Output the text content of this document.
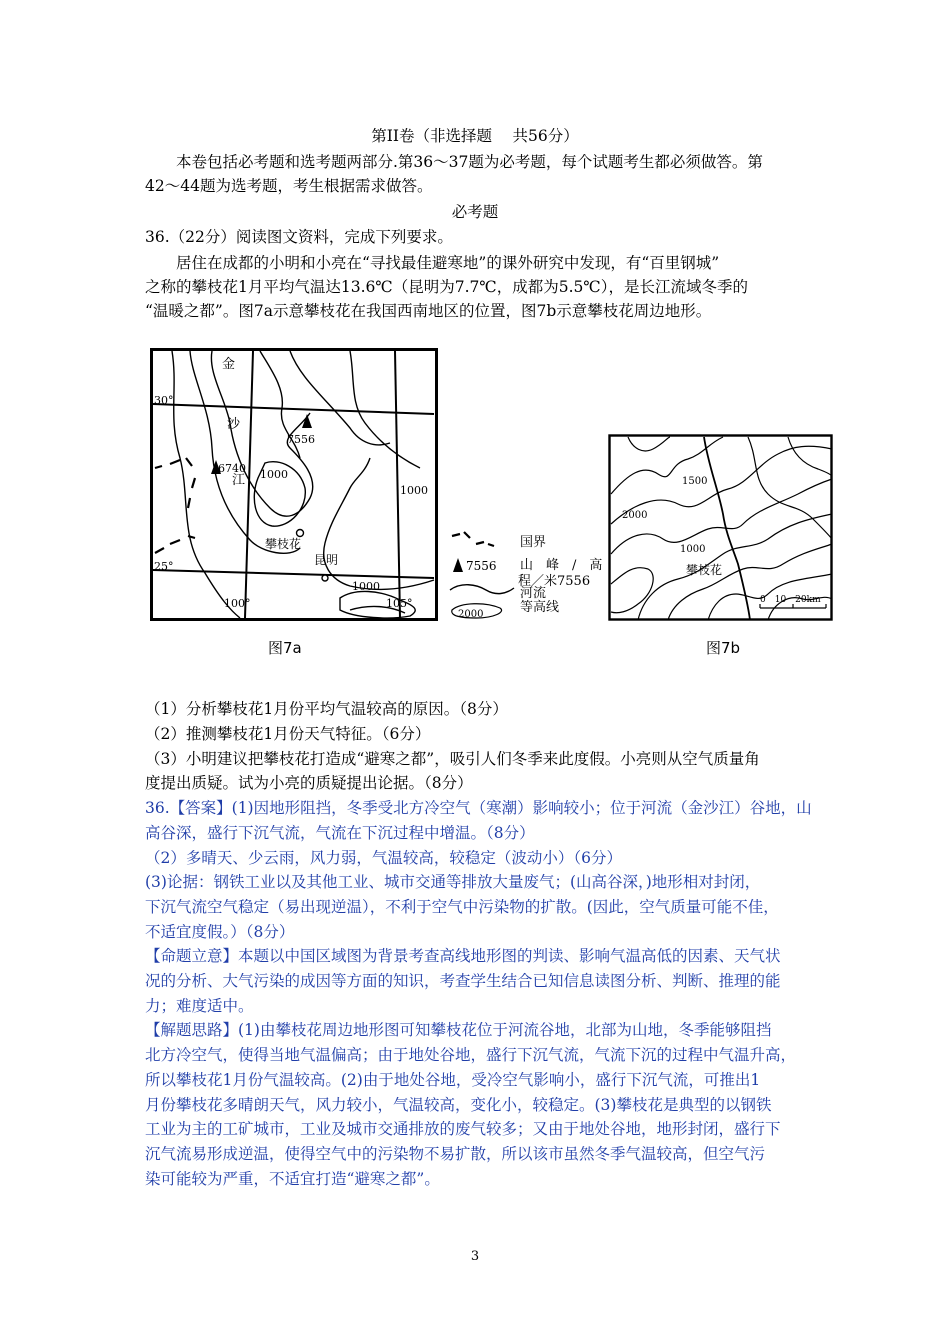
第II卷（非选择题　 共56分）
本卷包括必考题和选考题两部分.第36～37题为必考题，每个试题考生都必须做答。第
42～44题为选考题，考生根据需求做答。
必考题
36.（22分）阅读图文资料，完成下列要求。
居住在成都的小明和小亮在“寻找最佳避寒地”的课外研究中发现，有“百里钢城”
之称的攀枝花1月平均气温达13.6℃（昆明为7.7℃，成都为5.5℃），是长江流域冬季的
“温暖之都”。图7a示意攀枝花在我国西南地区的位置，图7b示意攀枝花周边地形。
金
沙
江
30°
25°
100°	105°
7556
6740 1000
1000
1000
攀枝花
昆明	7556
2000
国界
山　峰　/　高
程／米7556
河流
等高线
1500
2000
1000
攀枝花
0　10　20km
图7a	图7b
（1）分析攀枝花1月份平均气温较高的原因。（8分）
（2）推测攀枝花1月份天气特征。（6分）
（3）小明建议把攀枝花打造成“避寒之都”，吸引人们冬季来此度假。小亮则从空气质量角
度提出质疑。试为小亮的质疑提出论据。（8分）
36.【答案】(1)因地形阻挡，冬季受北方冷空气（寒潮）影响较小；位于河流（金沙江）谷地，山
高谷深，盛行下沉气流，气流在下沉过程中增温。（8分）
（2）多晴天、少云雨，风力弱，气温较高，较稳定（波动小）（6分）
(3)论据：钢铁工业以及其他工业、城市交通等排放大量废气；(山高谷深，)地形相对封闭，
下沉气流空气稳定（易出现逆温），不利于空气中污染物的扩散。(因此，空气质量可能不佳，
不适宜度假。）（8分）
【命题立意】本题以中国区域图为背景考查高线地形图的判读、影响气温高低的因素、天气状
况的分析、大气污染的成因等方面的知识，考查学生结合已知信息读图分析、判断、推理的能
力；难度适中。
【解题思路】(1)由攀枝花周边地形图可知攀枝花位于河流谷地，北部为山地，冬季能够阻挡
北方冷空气，使得当地气温偏高；由于地处谷地，盛行下沉气流，气流下沉的过程中气温升高，
所以攀枝花1月份气温较高。(2)由于地处谷地，受冷空气影响小，盛行下沉气流，可推出1
月份攀枝花多晴朗天气，风力较小，气温较高，变化小，较稳定。(3)攀枝花是典型的以钢铁
工业为主的工矿城市，工业及城市交通排放的废气较多；又由于地处谷地，地形封闭，盛行下
沉气流易形成逆温，使得空气中的污染物不易扩散，所以该市虽然冬季气温较高，但空气污
染可能较为严重，不适宜打造“避寒之都”。
3
